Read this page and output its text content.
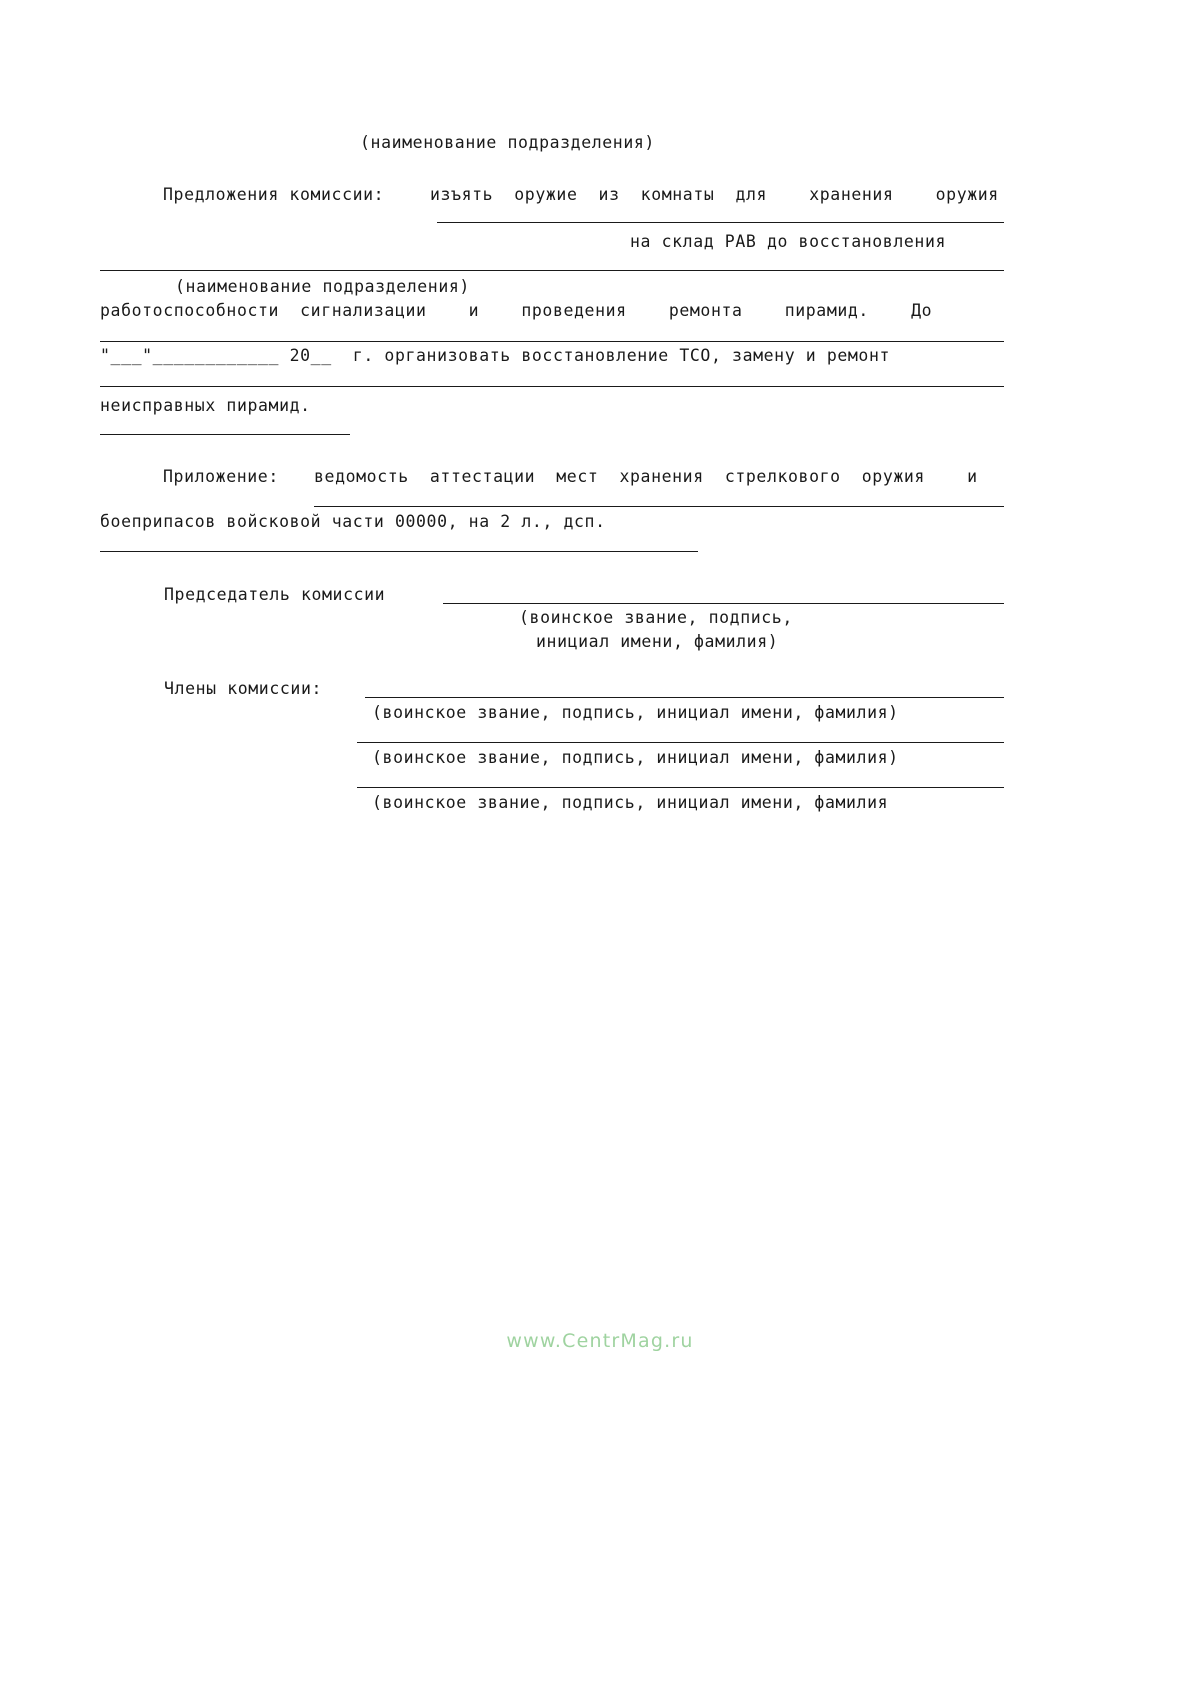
(наименование подразделения)
Предложения комиссии:	изъять  оружие  из  комнаты  для    хранения    оружия
на склад РАВ до восстановления
(наименование подразделения)
работоспособности  сигнализации    и    проведения    ремонта    пирамид.    До
"___"____________ 20__  г. организовать восстановление ТСО, замену и ремонт
неисправных пирамид.
Приложение: ведомость  аттестации  мест  хранения  стрелкового  оружия    и
боеприпасов войсковой части 00000, на 2 л., дсп.
Председатель комиссии
(воинское звание, подпись,
инициал имени, фамилия)
Члены комиссии:
(воинское звание, подпись, инициал имени, фамилия)
(воинское звание, подпись, инициал имени, фамилия)
(воинское звание, подпись, инициал имени, фамилия
www.CentrMag.ru
